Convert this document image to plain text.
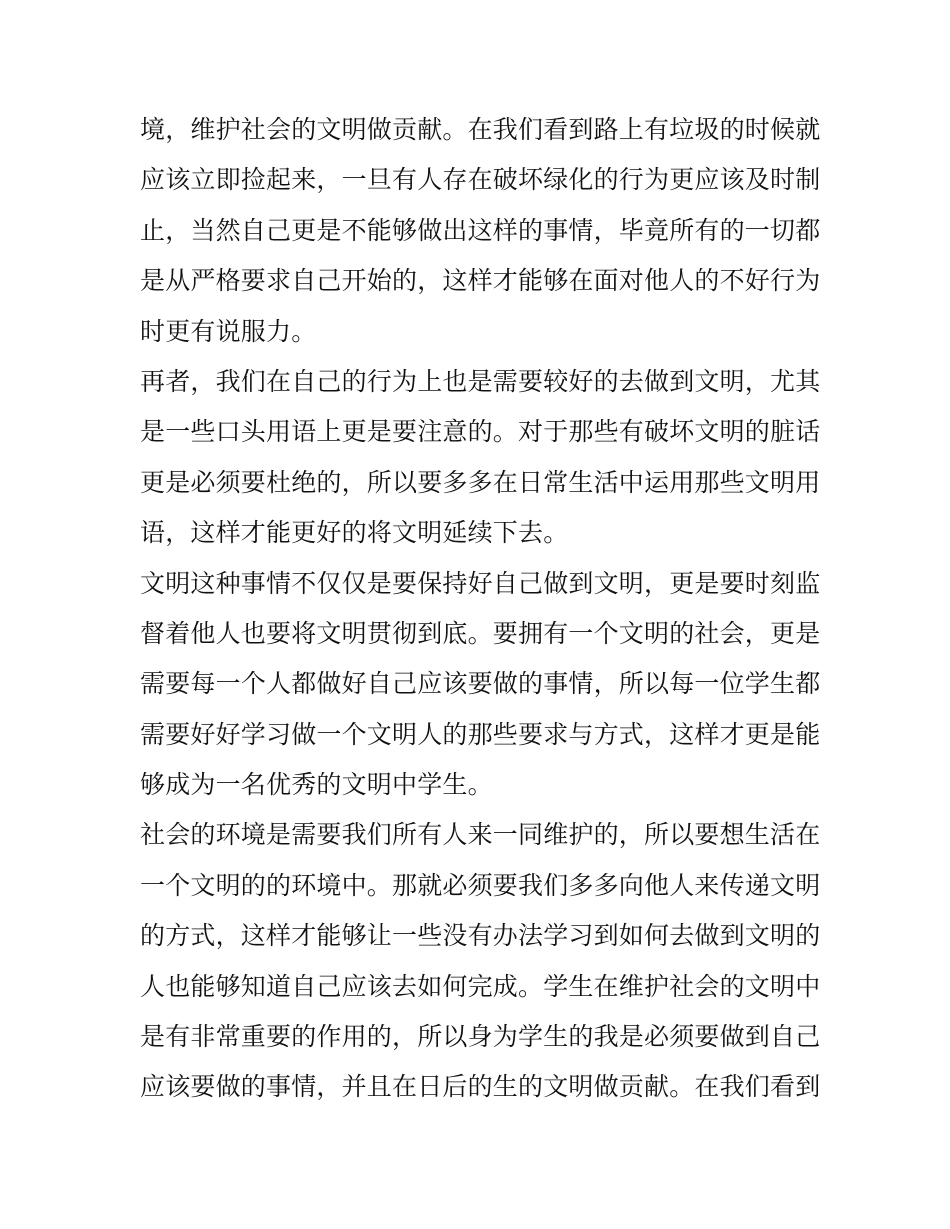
境，维护社会的文明做贡献。在我们看到路上有垃圾的时候就
应该立即捡起来，一旦有人存在破坏绿化的行为更应该及时制
止，当然自己更是不能够做出这样的事情，毕竟所有的一切都
是从严格要求自己开始的，这样才能够在面对他人的不好行为
时更有说服力。
再者，我们在自己的行为上也是需要较好的去做到文明，尤其
是一些口头用语上更是要注意的。对于那些有破坏文明的脏话
更是必须要杜绝的，所以要多多在日常生活中运用那些文明用
语，这样才能更好的将文明延续下去。
文明这种事情不仅仅是要保持好自己做到文明，更是要时刻监
督着他人也要将文明贯彻到底。要拥有一个文明的社会，更是
需要每一个人都做好自己应该要做的事情，所以每一位学生都
需要好好学习做一个文明人的那些要求与方式，这样才更是能
够成为一名优秀的文明中学生。
社会的环境是需要我们所有人来一同维护的，所以要想生活在
一个文明的的环境中。那就必须要我们多多向他人来传递文明
的方式，这样才能够让一些没有办法学习到如何去做到文明的
人也能够知道自己应该去如何完成。学生在维护社会的文明中
是有非常重要的作用的，所以身为学生的我是必须要做到自己
应该要做的事情，并且在日后的生的文明做贡献。在我们看到
